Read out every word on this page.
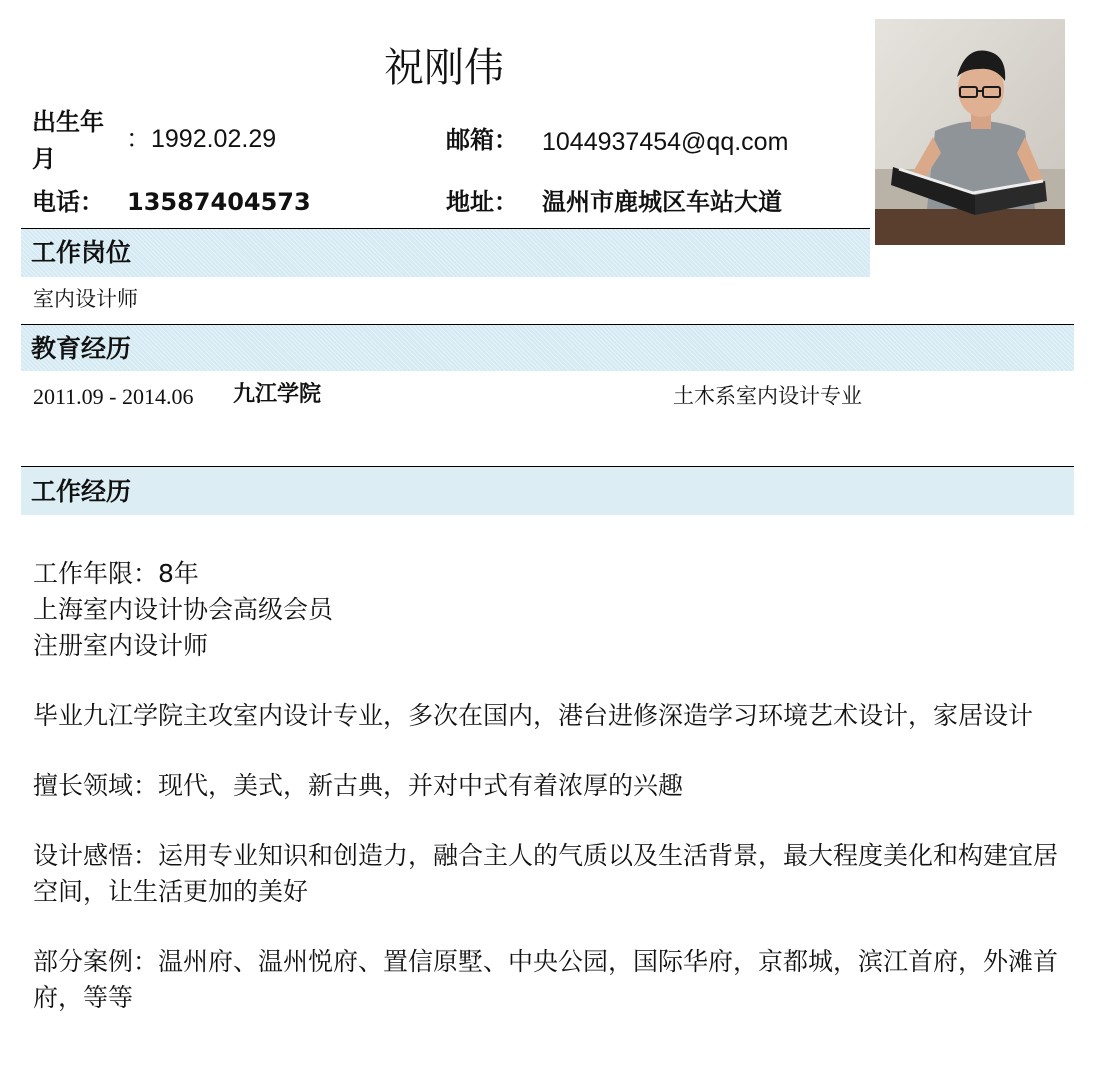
祝刚伟
出生年月
：1992.02.29	邮箱： 1044937454@qq.com
电话： 13587404573	地址： 温州市鹿城区车站大道
工作岗位
室内设计师
教育经历
2011.09 - 2014.06 九江学院	土木系室内设计专业
工作经历

工作年限：8年

上海室内设计协会高级会员

注册室内设计师

毕业九江学院主攻室内设计专业，多次在国内，港台进修深造学习环境艺术设计，家居设计

擅长领域：现代，美式，新古典，并对中式有着浓厚的兴趣

设计感悟：运用专业知识和创造力，融合主人的气质以及生活背景，最大程度美化和构建宜居空间，让生活更加的美好

部分案例：温州府、温州悦府、置信原墅、中央公园，国际华府，京都城，滨江首府，外滩首府，等等
